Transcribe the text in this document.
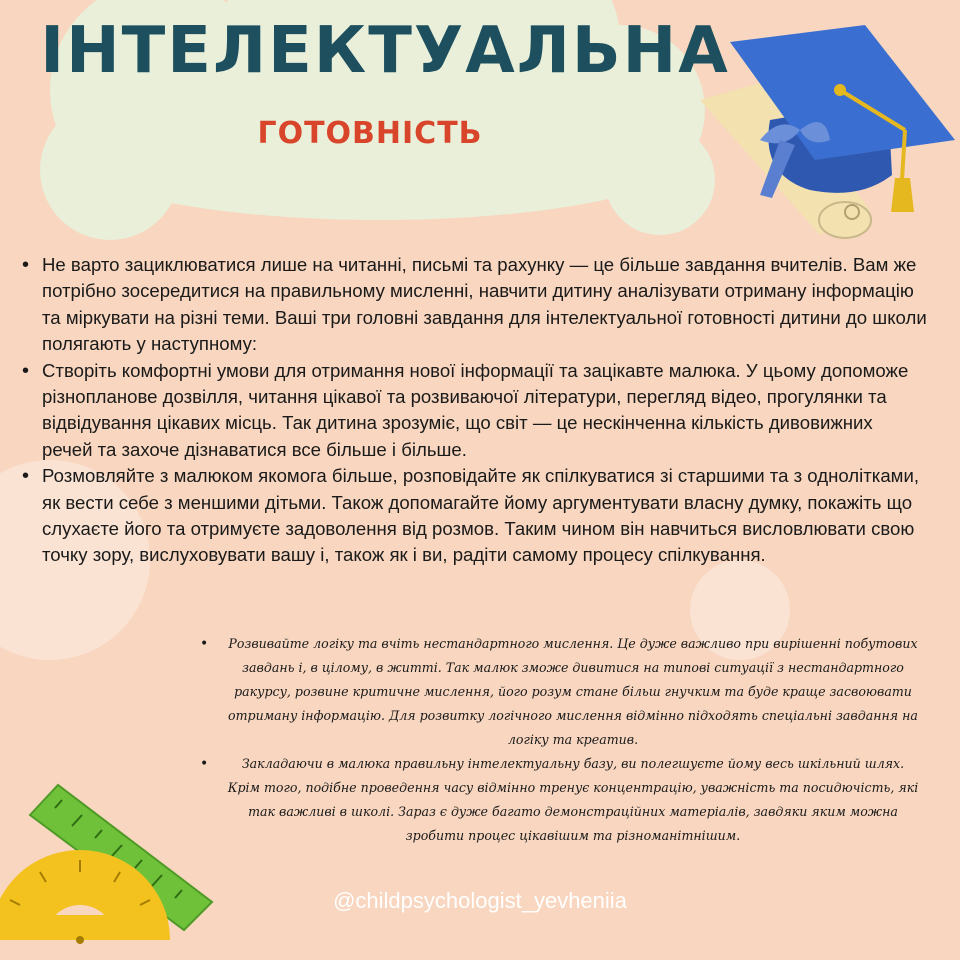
ІНТЕЛЕКТУАЛЬНА
ГОТОВНІСТЬ
• Не варто зациклюватися лише на читанні, письмі та рахунку — це більше завдання вчителів. Вам же потрібно зосередитися на правильному мисленні, навчити дитину аналізувати отриману інформацію та міркувати на різні теми. Ваші три головні завдання для інтелектуальної готовності дитини до школи полягають у наступному:
• Створіть комфортні умови для отримання нової інформації та зацікавте малюка. У цьому допоможе різнопланове дозвілля, читання цікавої та розвиваючої літератури, перегляд відео, прогулянки та відвідування цікавих місць. Так дитина зрозуміє, що світ — це нескінченна кількість дивовижних речей та захоче дізнаватися все більше і більше.
• Розмовляйте з малюком якомога більше, розповідайте як спілкуватися зі старшими та з однолітками, як вести себе з меншими дітьми. Також допомагайте йому аргументувати власну думку, покажіть що слухаєте його та отримуєте задоволення від розмов. Таким чином він навчиться висловлювати свою точку зору, вислуховувати вашу і, також як і ви, радіти самому процесу спілкування.
• Розвивайте логіку та вчіть нестандартного мислення. Це дуже важливо при вирішенні побутових завдань і, в цілому, в житті. Так малюк зможе дивитися на типові ситуації з нестандартного ракурсу, розвине критичне мислення, його розум стане більш гнучким та буде краще засвоювати отриману інформацію. Для розвитку логічного мислення відмінно підходять спеціальні завдання на логіку та креатив.
• Закладаючи в малюка правильну інтелектуальну базу, ви полегшуєте йому весь шкільний шлях. Крім того, подібне проведення часу відмінно тренує концентрацію, уважність та посидючість, які так важливі в школі. Зараз є дуже багато демонстраційних матеріалів, завдяки яким можна зробити процес цікавішим та різноманітнішим.

@childpsychologist_yevheniia
